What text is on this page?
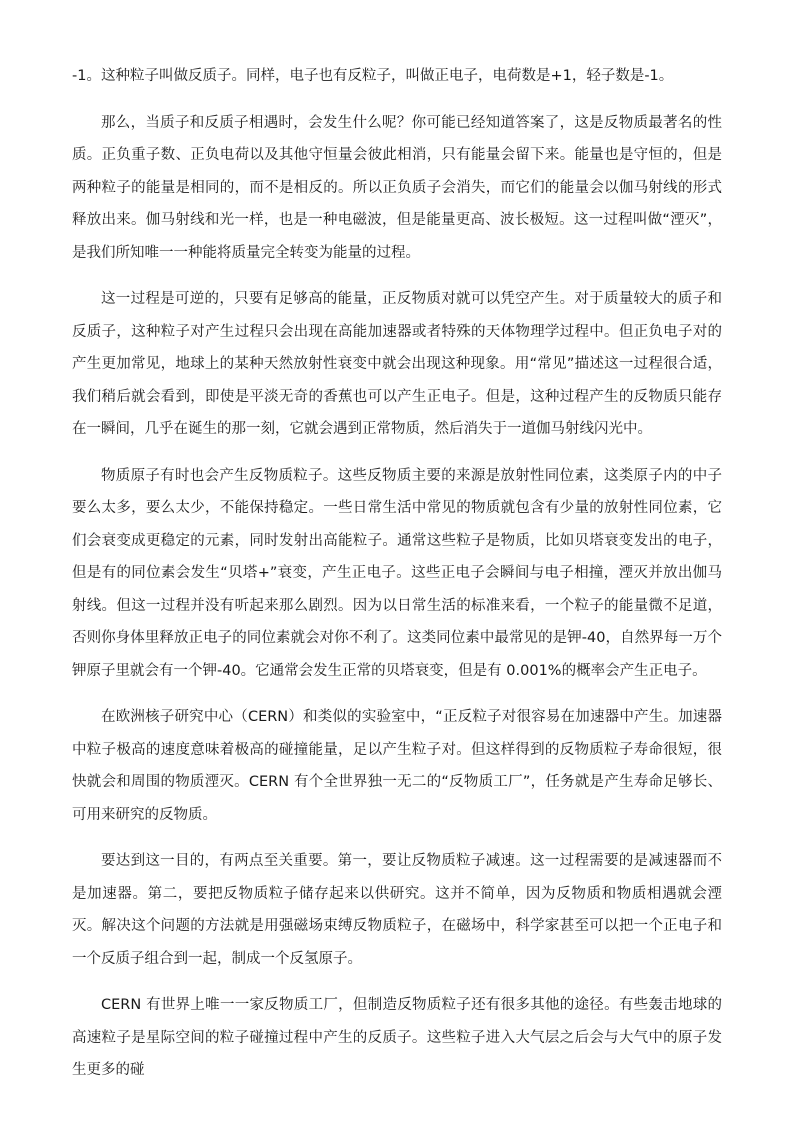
-1。这种粒子叫做反质子。同样，电子也有反粒子，叫做正电子，电荷数是+1，轻子数是-1。

那么，当质子和反质子相遇时，会发生什么呢？你可能已经知道答案了，这是反物质最著名的性质。正负重子数、正负电荷以及其他守恒量会彼此相消，只有能量会留下来。能量也是守恒的，但是两种粒子的能量是相同的，而不是相反的。所以正负质子会消失，而它们的能量会以伽马射线的形式释放出来。伽马射线和光一样，也是一种电磁波，但是能量更高、波长极短。这一过程叫做“湮灭”，是我们所知唯一一种能将质量完全转变为能量的过程。

这一过程是可逆的，只要有足够高的能量，正反物质对就可以凭空产生。对于质量较大的质子和反质子，这种粒子对产生过程只会出现在高能加速器或者特殊的天体物理学过程中。但正负电子对的产生更加常见，地球上的某种天然放射性衰变中就会出现这种现象。用“常见”描述这一过程很合适，我们稍后就会看到，即使是平淡无奇的香蕉也可以产生正电子。但是，这种过程产生的反物质只能存在一瞬间，几乎在诞生的那一刻，它就会遇到正常物质，然后消失于一道伽马射线闪光中。

物质原子有时也会产生反物质粒子。这些反物质主要的来源是放射性同位素，这类原子内的中子要么太多，要么太少，不能保持稳定。一些日常生活中常见的物质就包含有少量的放射性同位素，它们会衰变成更稳定的元素，同时发射出高能粒子。通常这些粒子是物质，比如贝塔衰变发出的电子，但是有的同位素会发生“贝塔+”衰变，产生正电子。这些正电子会瞬间与电子相撞，湮灭并放出伽马射线。但这一过程并没有听起来那么剧烈。因为以日常生活的标准来看，一个粒子的能量微不足道，否则你身体里释放正电子的同位素就会对你不利了。这类同位素中最常见的是钾-40，自然界每一万个钾原子里就会有一个钾-40。它通常会发生正常的贝塔衰变，但是有 0.001%的概率会产生正电子。

在欧洲核子研究中心（CERN）和类似的实验室中，“正反粒子对很容易在加速器中产生。加速器中粒子极高的速度意味着极高的碰撞能量，足以产生粒子对。但这样得到的反物质粒子寿命很短，很快就会和周围的物质湮灭。CERN 有个全世界独一无二的“反物质工厂”，任务就是产生寿命足够长、可用来研究的反物质。

要达到这一目的，有两点至关重要。第一，要让反物质粒子减速。这一过程需要的是减速器而不是加速器。第二，要把反物质粒子储存起来以供研究。这并不简单，因为反物质和物质相遇就会湮灭。解决这个问题的方法就是用强磁场束缚反物质粒子，在磁场中，科学家甚至可以把一个正电子和一个反质子组合到一起，制成一个反氢原子。

CERN 有世界上唯一一家反物质工厂，但制造反物质粒子还有很多其他的途径。有些轰击地球的高速粒子是星际空间的粒子碰撞过程中产生的反质子。这些粒子进入大气层之后会与大气中的原子发生更多的碰
